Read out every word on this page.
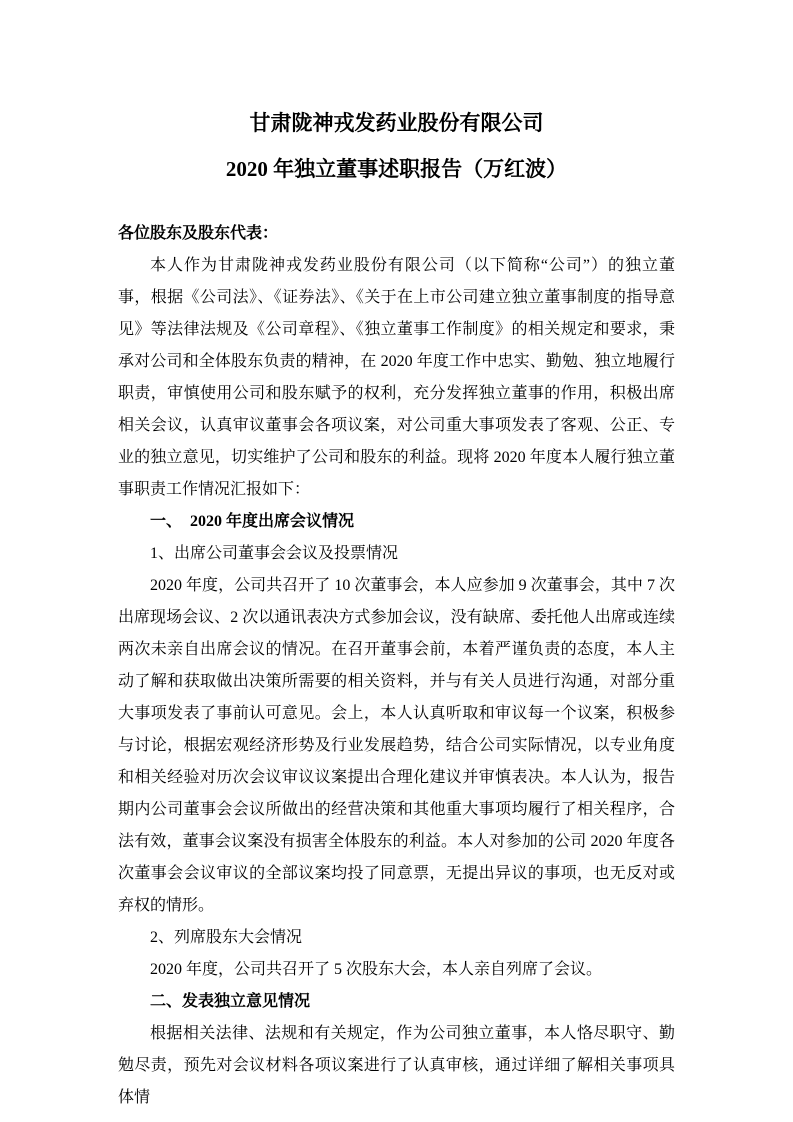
甘肃陇神戎发药业股份有限公司
2020 年独立董事述职报告（万红波）
各位股东及股东代表：
本人作为甘肃陇神戎发药业股份有限公司（以下简称“公司”）的独立董事，根据《公司法》、《证券法》、《关于在上市公司建立独立董事制度的指导意见》等法律法规及《公司章程》、《独立董事工作制度》的相关规定和要求，秉承对公司和全体股东负责的精神，在 2020 年度工作中忠实、勤勉、独立地履行职责，审慎使用公司和股东赋予的权利，充分发挥独立董事的作用，积极出席相关会议，认真审议董事会各项议案，对公司重大事项发表了客观、公正、专业的独立意见，切实维护了公司和股东的利益。现将 2020 年度本人履行独立董事职责工作情况汇报如下：
一、　2020 年度出席会议情况
1、出席公司董事会会议及投票情况
2020 年度，公司共召开了 10 次董事会，本人应参加 9 次董事会，其中 7 次出席现场会议、2 次以通讯表决方式参加会议，没有缺席、委托他人出席或连续两次未亲自出席会议的情况。在召开董事会前，本着严谨负责的态度，本人主动了解和获取做出决策所需要的相关资料，并与有关人员进行沟通，对部分重大事项发表了事前认可意见。会上，本人认真听取和审议每一个议案，积极参与讨论，根据宏观经济形势及行业发展趋势，结合公司实际情况，以专业角度和相关经验对历次会议审议议案提出合理化建议并审慎表决。本人认为，报告期内公司董事会会议所做出的经营决策和其他重大事项均履行了相关程序，合法有效，董事会议案没有损害全体股东的利益。本人对参加的公司 2020 年度各次董事会会议审议的全部议案均投了同意票，无提出异议的事项，也无反对或弃权的情形。
2、列席股东大会情况
2020 年度，公司共召开了 5 次股东大会，本人亲自列席了会议。
二、发表独立意见情况
根据相关法律、法规和有关规定，作为公司独立董事，本人恪尽职守、勤勉尽责，预先对会议材料各项议案进行了认真审核，通过详细了解相关事项具体情
